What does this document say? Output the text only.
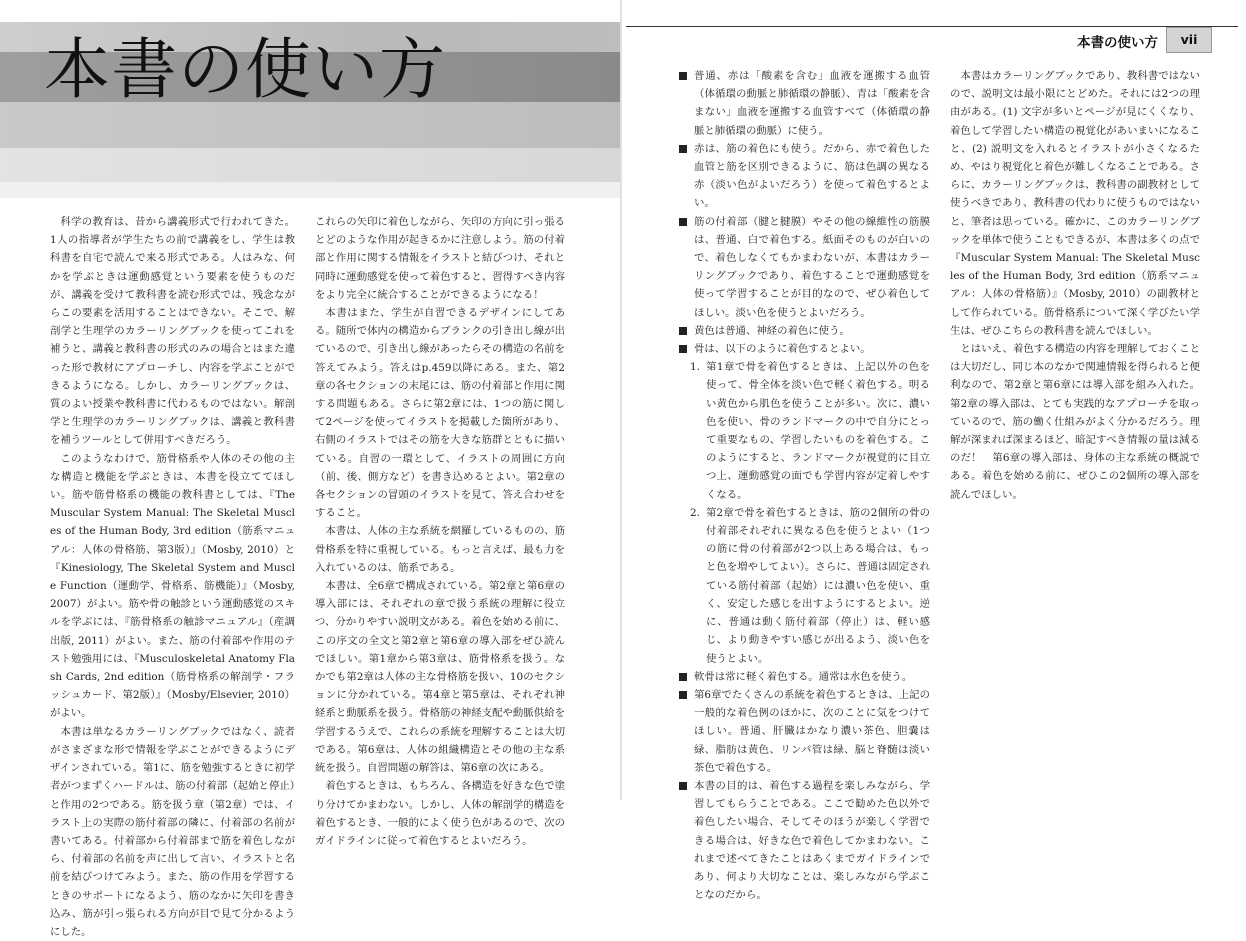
本書の使い方

科学の教育は、昔から講義形式で行われてきた。1人の指導者が学生たちの前で講義をし、学生は教科書を自宅で読んで来る形式である。人はみな、何かを学ぶときは運動感覚という要素を使うものだが、講義を受けて教科書を読む形式では、残念ながらこの要素を活用することはできない。そこで、解剖学と生理学のカラーリングブックを使ってこれを補うと、講義と教科書の形式のみの場合とはまた違った形で教材にアプローチし、内容を学ぶことができるようになる。しかし、カラーリングブックは、質のよい授業や教科書に代わるものではない。解剖学と生理学のカラーリングブックは、講義と教科書を補うツールとして併用すべきだろう。

このようなわけで、筋骨格系や人体のその他の主な構造と機能を学ぶときは、本書を役立ててほしい。筋や筋骨格系の機能の教科書としては、『The Muscular System Manual: The Skeletal Muscles of the Human Body, 3rd edition（筋系マニュアル：人体の骨格筋、第3版）』（Mosby, 2010）と『Kinesiology, The Skeletal System and Muscle Function（運動学、骨格系、筋機能）』（Mosby, 2007）がよい。筋や骨の触診という運動感覚のスキルを学ぶには、『筋骨格系の触診マニュアル』（産調出版, 2011）がよい。また、筋の付着部や作用のテスト勉強用には、『Musculoskeletal Anatomy Flash Cards, 2nd edition（筋骨格系の解剖学・フラッシュカード、第2版）』（Mosby/Elsevier, 2010）がよい。

本書は単なるカラーリングブックではなく、読者がさまざまな形で情報を学ぶことができるようにデザインされている。第1に、筋を勉強するときに初学者がつまずくハードルは、筋の付着部（起始と停止）と作用の2つである。筋を扱う章（第2章）では、イラスト上の実際の筋付着部の隣に、付着部の名前が書いてある。付着部から付着部まで筋を着色しながら、付着部の名前を声に出して言い、イラストと名前を結びつけてみよう。また、筋の作用を学習するときのサポートになるよう、筋のなかに矢印を書き込み、筋が引っ張られる方向が目で見て分かるようにした。

これらの矢印に着色しながら、矢印の方向に引っ張るとどのような作用が起きるかに注意しよう。筋の付着部と作用に関する情報をイラストと結びつけ、それと同時に運動感覚を使って着色すると、習得すべき内容をより完全に統合することができるようになる！

本書はまた、学生が自習できるデザインにしてある。随所で体内の構造からブランクの引き出し線が出ているので、引き出し線があったらその構造の名前を答えてみよう。答えはp.459以降にある。また、第2章の各セクションの末尾には、筋の付着部と作用に関する問題もある。さらに第2章には、1つの筋に関して2ページを使ってイラストを掲載した箇所があり、右側のイラストではその筋を大きな筋群とともに描いている。自習の一環として、イラストの周囲に方向（前、後、側方など）を書き込めるとよい。第2章の各セクションの冒頭のイラストを見て、答え合わせをすること。

本書は、人体の主な系統を網羅しているものの、筋骨格系を特に重視している。もっと言えば、最も力を入れているのは、筋系である。

本書は、全6章で構成されている。第2章と第6章の導入部には、それぞれの章で扱う系統の理解に役立つ、分かりやすい説明文がある。着色を始める前に、この序文の全文と第2章と第6章の導入部をぜひ読んでほしい。第1章から第3章は、筋骨格系を扱う。なかでも第2章は人体の主な骨格筋を扱い、10のセクションに分かれている。第4章と第5章は、それぞれ神経系と動脈系を扱う。骨格筋の神経支配や動脈供給を学習するうえで、これらの系統を理解することは大切である。第6章は、人体の組織構造とその他の主な系統を扱う。自習問題の解答は、第6章の次にある。

着色するときは、もちろん、各構造を好きな色で塗り分けてかまわない。しかし、人体の解剖学的構造を着色するとき、一般的によく使う色があるので、次のガイドラインに従って着色するとよいだろう。

本書の使い方	vii
普通、赤は「酸素を含む」血液を運搬する血管（体循環の動脈と肺循環の静脈）、青は「酸素を含まない」血液を運搬する血管すべて（体循環の静脈と肺循環の動脈）に使う。
赤は、筋の着色にも使う。だから、赤で着色した血管と筋を区別できるように、筋は色調の異なる赤（淡い色がよいだろう）を使って着色するとよい。
筋の付着部（腱と腱膜）やその他の線維性の筋膜は、普通、白で着色する。紙面そのものが白いので、着色しなくてもかまわないが、本書はカラーリングブックであり、着色することで運動感覚を使って学習することが目的なので、ぜひ着色してほしい。淡い色を使うとよいだろう。
黄色は普通、神経の着色に使う。
骨は、以下のように着色するとよい。
1. 第1章で骨を着色するときは、上記以外の色を使って、骨全体を淡い色で軽く着色する。明るい黄色から肌色を使うことが多い。次に、濃い色を使い、骨のランドマークの中で自分にとって重要なもの、学習したいものを着色する。このようにすると、ランドマークが視覚的に目立つ上、運動感覚の面でも学習内容が定着しやすくなる。
2. 第2章で骨を着色するときは、筋の2個所の骨の付着部それぞれに異なる色を使うとよい（1つの筋に骨の付着部が2つ以上ある場合は、もっと色を増やしてよい）。さらに、普通は固定されている筋付着部（起始）には濃い色を使い、重く、安定した感じを出すようにするとよい。逆に、普通は動く筋付着部（停止）は、軽い感じ、より動きやすい感じが出るよう、淡い色を使うとよい。
軟骨は常に軽く着色する。通常は水色を使う。
第6章でたくさんの系統を着色するときは、上記の一般的な着色例のほかに、次のことに気をつけてほしい。普通、肝臓はかなり濃い茶色、胆嚢は緑、脂肪は黄色、リンパ管は緑、脳と脊髄は淡い茶色で着色する。
本書の目的は、着色する過程を楽しみながら、学習してもらうことである。ここで勧めた色以外で着色したい場合、そしてそのほうが楽しく学習できる場合は、好きな色で着色してかまわない。これまで述べてきたことはあくまでガイドラインであり、何より大切なことは、楽しみながら学ぶことなのだから。

本書はカラーリングブックであり、教科書ではないので、説明文は最小限にとどめた。それには2つの理由がある。(1) 文字が多いとページが見にくくなり、着色して学習したい構造の視覚化があいまいになること、(2) 説明文を入れるとイラストが小さくなるため、やはり視覚化と着色が難しくなることである。さらに、カラーリングブックは、教科書の副教材として使うべきであり、教科書の代わりに使うものではないと、筆者は思っている。確かに、このカラーリングブックを単体で使うこともできるが、本書は多くの点で『Muscular System Manual: The Skeletal Muscles of the Human Body, 3rd edition（筋系マニュアル：人体の骨格筋）』（Mosby, 2010）の副教材として作られている。筋骨格系について深く学びたい学生は、ぜひこちらの教科書を読んでほしい。

とはいえ、着色する構造の内容を理解しておくことは大切だし、同じ本のなかで関連情報を得られると便利なので、第2章と第6章には導入部を組み入れた。第2章の導入部は、とても実践的なアプローチを取っているので、筋の働く仕組みがよく分かるだろう。理解が深まれば深まるほど、暗記すべき情報の量は減るのだ！　第6章の導入部は、身体の主な系統の概説である。着色を始める前に、ぜひこの2個所の導入部を読んでほしい。
